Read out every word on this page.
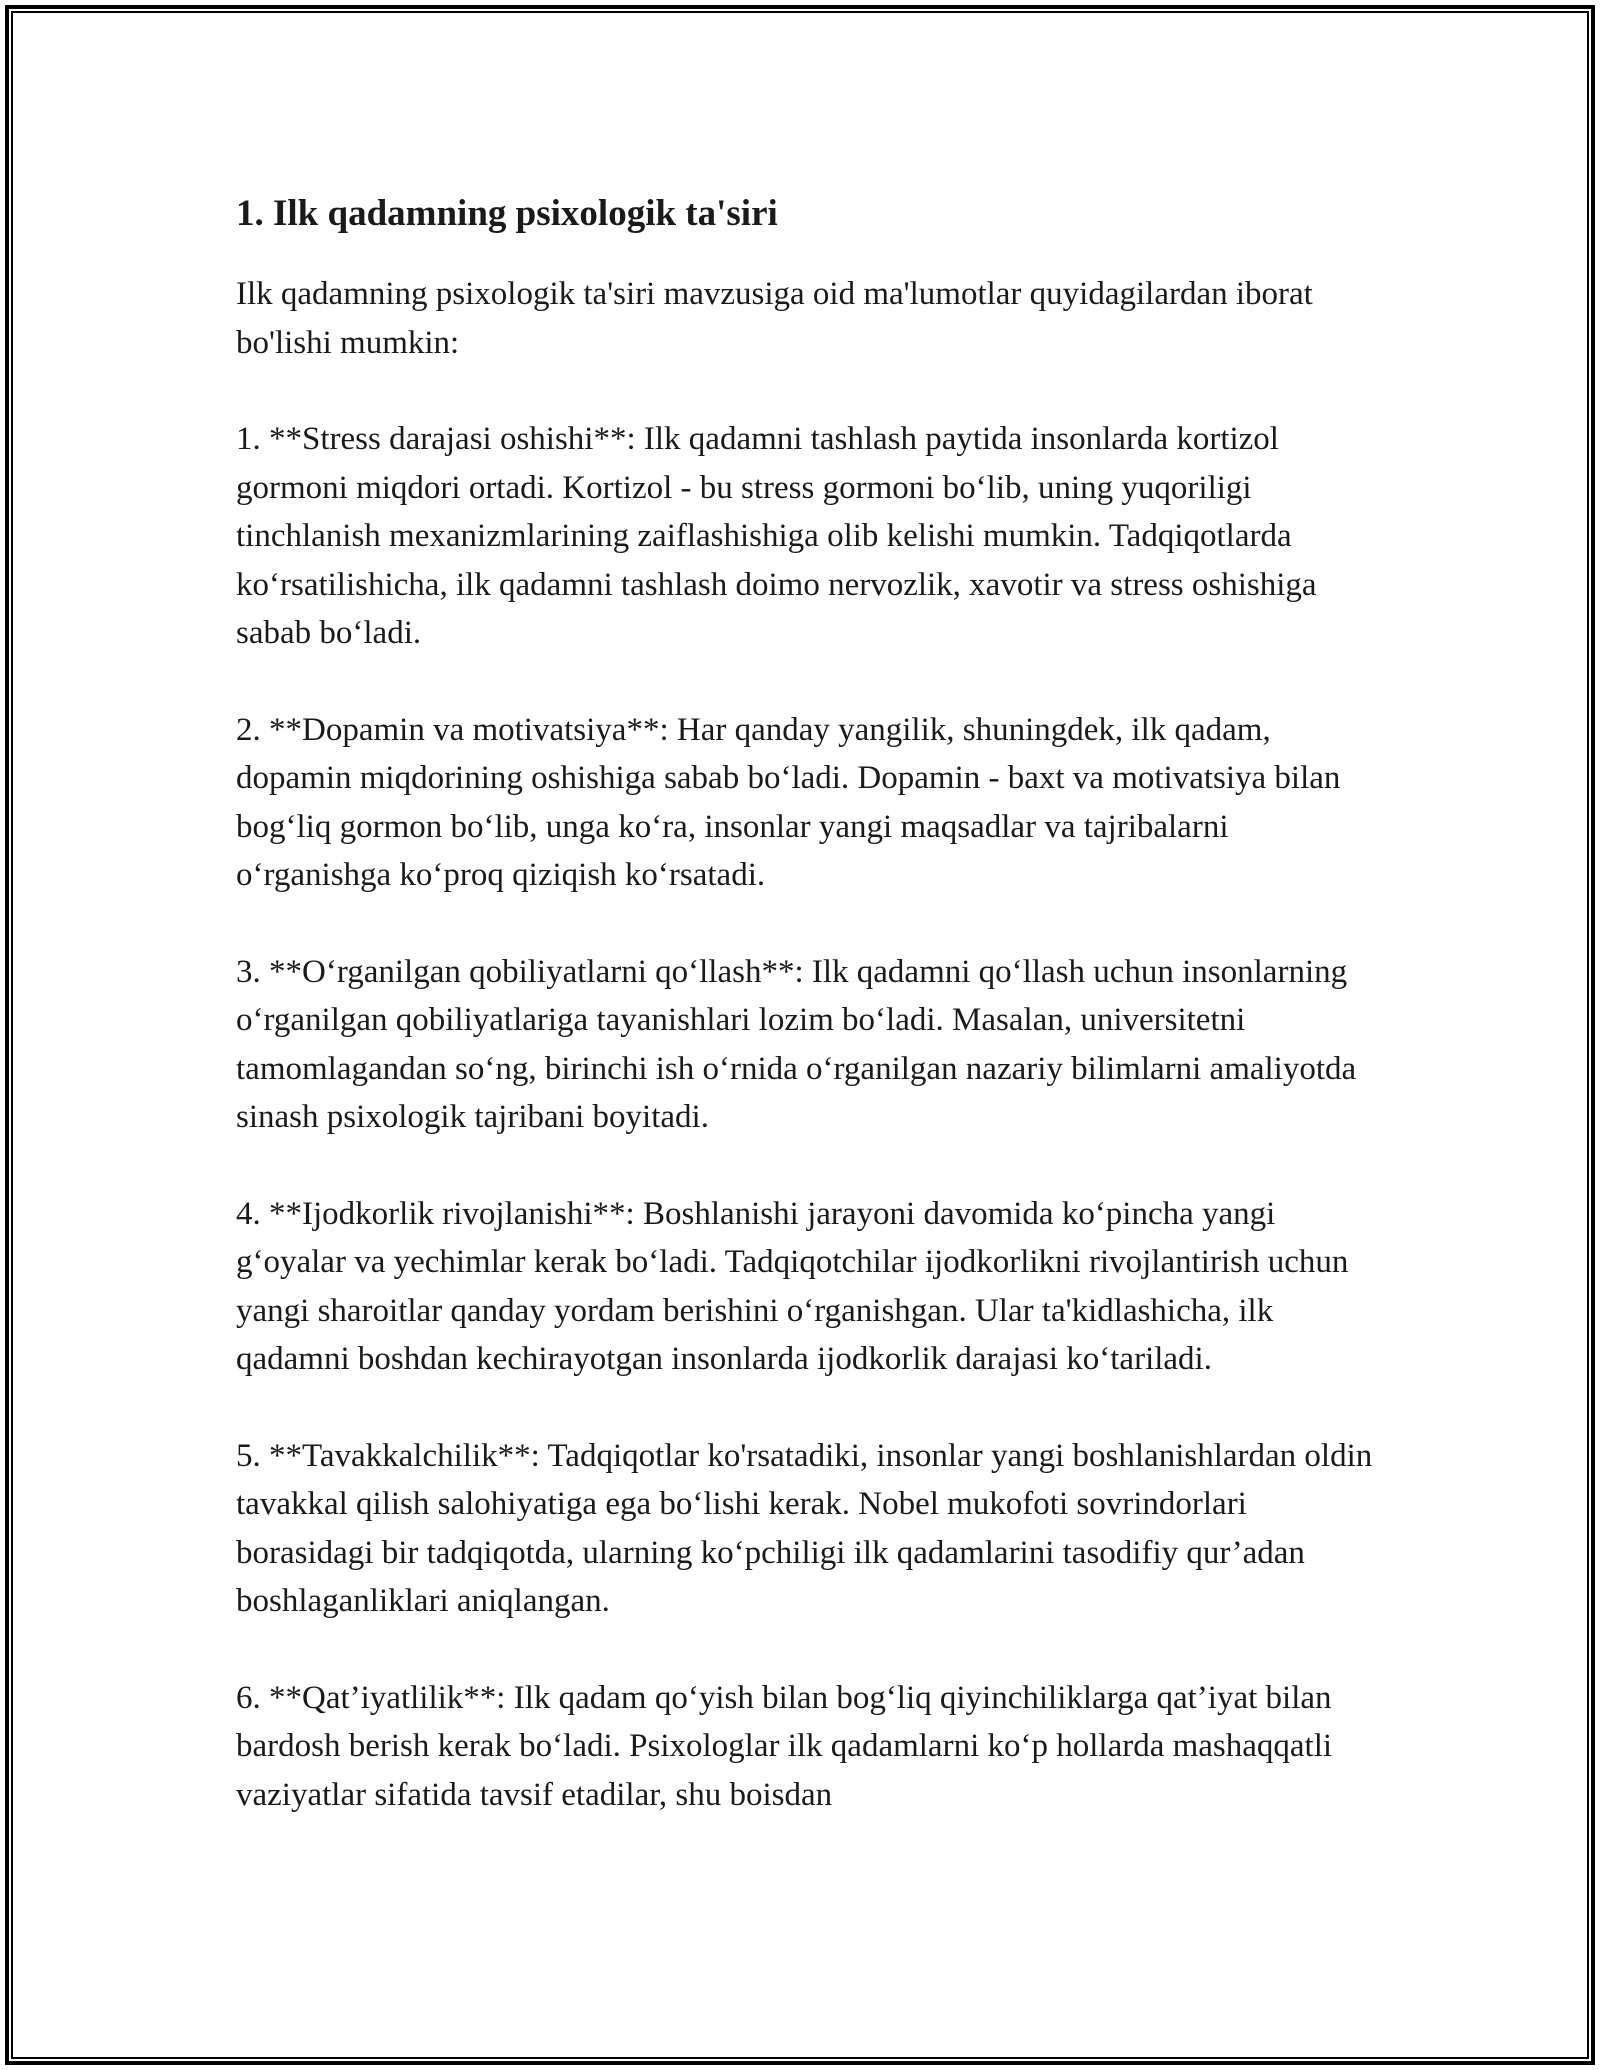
1. Ilk qadamning psixologik ta'siri

Ilk qadamning psixologik ta'siri mavzusiga oid ma'lumotlar quyidagilardan iborat bo'lishi mumkin:

1. **Stress darajasi oshishi**: Ilk qadamni tashlash paytida insonlarda kortizol gormoni miqdori ortadi. Kortizol - bu stress gormoni bo‘lib, uning yuqoriligi tinchlanish mexanizmlarining zaiflashishiga olib kelishi mumkin. Tadqiqotlarda ko‘rsatilishicha, ilk qadamni tashlash doimo nervozlik, xavotir va stress oshishiga sabab bo‘ladi.

2. **Dopamin va motivatsiya**: Har qanday yangilik, shuningdek, ilk qadam, dopamin miqdorining oshishiga sabab bo‘ladi. Dopamin - baxt va motivatsiya bilan bog‘liq gormon bo‘lib, unga ko‘ra, insonlar yangi maqsadlar va tajribalarni o‘rganishga ko‘proq qiziqish ko‘rsatadi.

3. **O‘rganilgan qobiliyatlarni qo‘llash**: Ilk qadamni qo‘llash uchun insonlarning o‘rganilgan qobiliyatlariga tayanishlari lozim bo‘ladi. Masalan, universitetni tamomlagandan so‘ng, birinchi ish o‘rnida o‘rganilgan nazariy bilimlarni amaliyotda sinash psixologik tajribani boyitadi.

4. **Ijodkorlik rivojlanishi**: Boshlanishi jarayoni davomida ko‘pincha yangi g‘oyalar va yechimlar kerak bo‘ladi. Tadqiqotchilar ijodkorlikni rivojlantirish uchun yangi sharoitlar qanday yordam berishini o‘rganishgan. Ular ta'kidlashicha, ilk qadamni boshdan kechirayotgan insonlarda ijodkorlik darajasi ko‘tariladi.

5. **Tavakkalchilik**: Tadqiqotlar ko'rsatadiki, insonlar yangi boshlanishlardan oldin tavakkal qilish salohiyatiga ega bo‘lishi kerak. Nobel mukofoti sovrindorlari borasidagi bir tadqiqotda, ularning ko‘pchiligi ilk qadamlarini tasodifiy qur’adan boshlaganliklari aniqlangan.

6. **Qat’iyatlilik**: Ilk qadam qo‘yish bilan bog‘liq qiyinchiliklarga qat’iyat bilan bardosh berish kerak bo‘ladi. Psixologlar ilk qadamlarni ko‘p hollarda mashaqqatli vaziyatlar sifatida tavsif etadilar, shu boisdan
